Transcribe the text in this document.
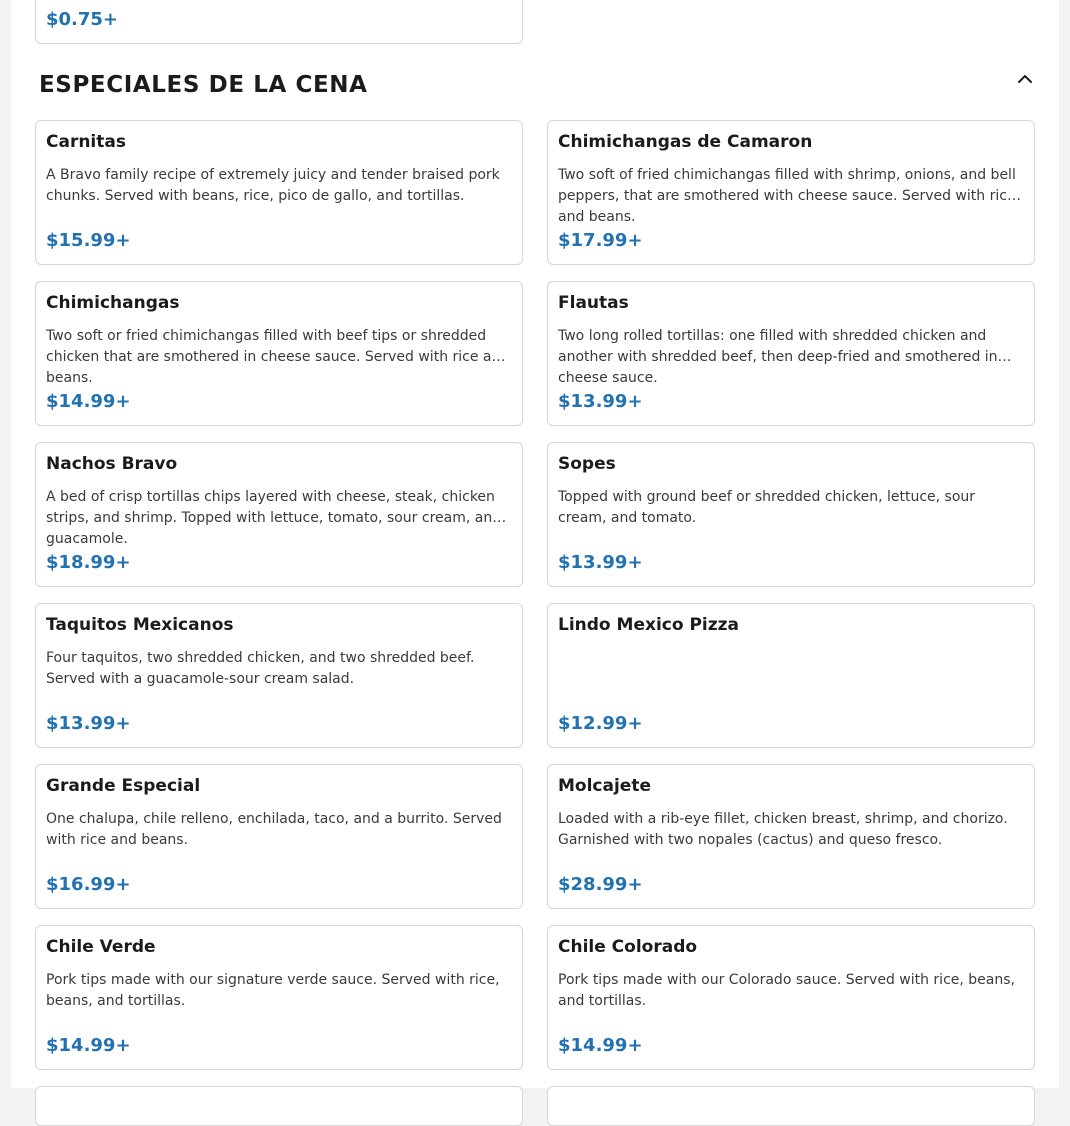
$0.75+
ESPECIALES DE LA CENA
Carnitas
A Bravo family recipe of extremely juicy and tender braised pork chunks. Served with beans, rice, pico de gallo, and tortillas.
$15.99+
Chimichangas de Camaron
Two soft of fried chimichangas filled with shrimp, onions, and bell peppers, that are smothered with cheese sauce. Served with rice and beans.
$17.99+
Chimichangas
Two soft or fried chimichangas filled with beef tips or shredded chicken that are smothered in cheese sauce. Served with rice and beans.
$14.99+
Flautas
Two long rolled tortillas: one filled with shredded chicken and another with shredded beef, then deep-fried and smothered in cheese sauce.
$13.99+
Nachos Bravo
A bed of crisp tortillas chips layered with cheese, steak, chicken strips, and shrimp. Topped with lettuce, tomato, sour cream, and guacamole.
$18.99+
Sopes
Topped with ground beef or shredded chicken, lettuce, sour cream, and tomato.
$13.99+
Taquitos Mexicanos
Four taquitos, two shredded chicken, and two shredded beef. Served with a guacamole-sour cream salad.
$13.99+
Lindo Mexico Pizza
$12.99+
Grande Especial
One chalupa, chile relleno, enchilada, taco, and a burrito. Served with rice and beans.
$16.99+
Molcajete
Loaded with a rib-eye fillet, chicken breast, shrimp, and chorizo. Garnished with two nopales (cactus) and queso fresco.
$28.99+
Chile Verde
Pork tips made with our signature verde sauce. Served with rice, beans, and tortillas.
$14.99+
Chile Colorado
Pork tips made with our Colorado sauce. Served with rice, beans, and tortillas.
$14.99+
